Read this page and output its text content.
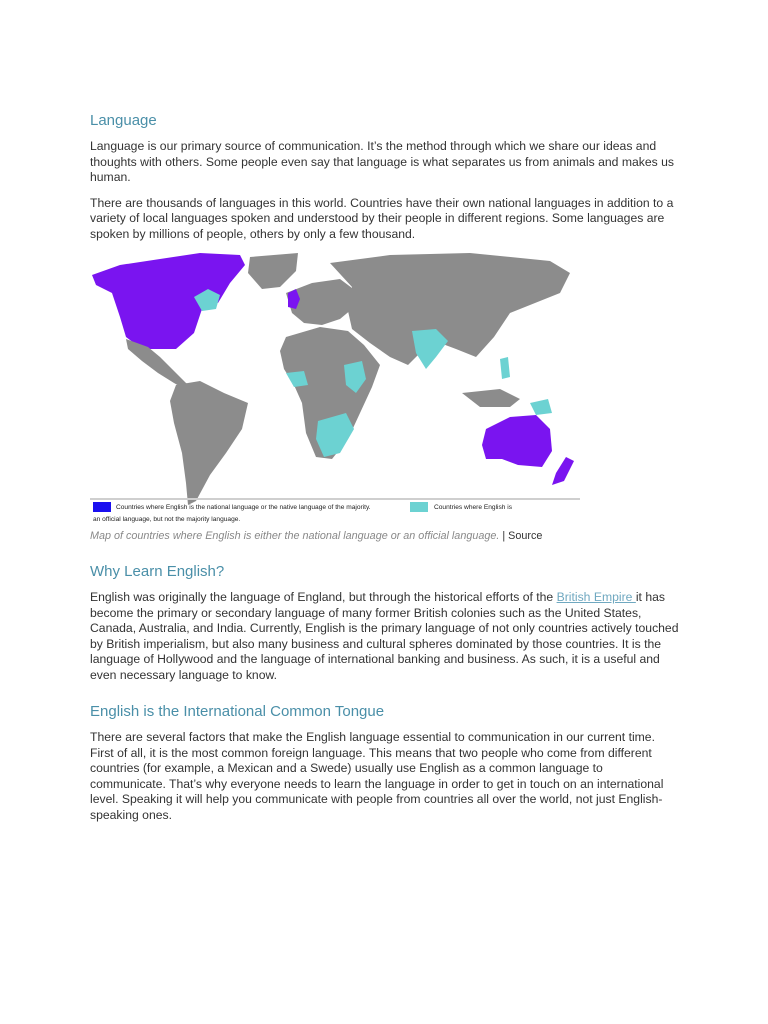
Language

Language is our primary source of communication. It’s the method through which we share our ideas and thoughts with others. Some people even say that language is what separates us from animals and makes us human.

There are thousands of languages in this world. Countries have their own national languages in addition to a variety of local languages spoken and understood by their people in different regions. Some languages are spoken by millions of people, others by only a few thousand.

Countries where English is the national language or the native language of the majority.	Countries where English is
an official language, but not the majority language.
Map of countries where English is either the national language or an official language. | Source
Why Learn English?

English was originally the language of England, but through the historical efforts of the British Empire it has become the primary or secondary language of many former British colonies such as the United States, Canada, Australia, and India. Currently, English is the primary language of not only countries actively touched by British imperialism, but also many business and cultural spheres dominated by those countries. It is the language of Hollywood and the language of international banking and business. As such, it is a useful and even necessary language to know.

English is the International Common Tongue

There are several factors that make the English language essential to communication in our current time. First of all, it is the most common foreign language. This means that two people who come from different countries (for example, a Mexican and a Swede) usually use English as a common language to communicate. That’s why everyone needs to learn the language in order to get in touch on an international level. Speaking it will help you communicate with people from countries all over the world, not just English-speaking ones.
